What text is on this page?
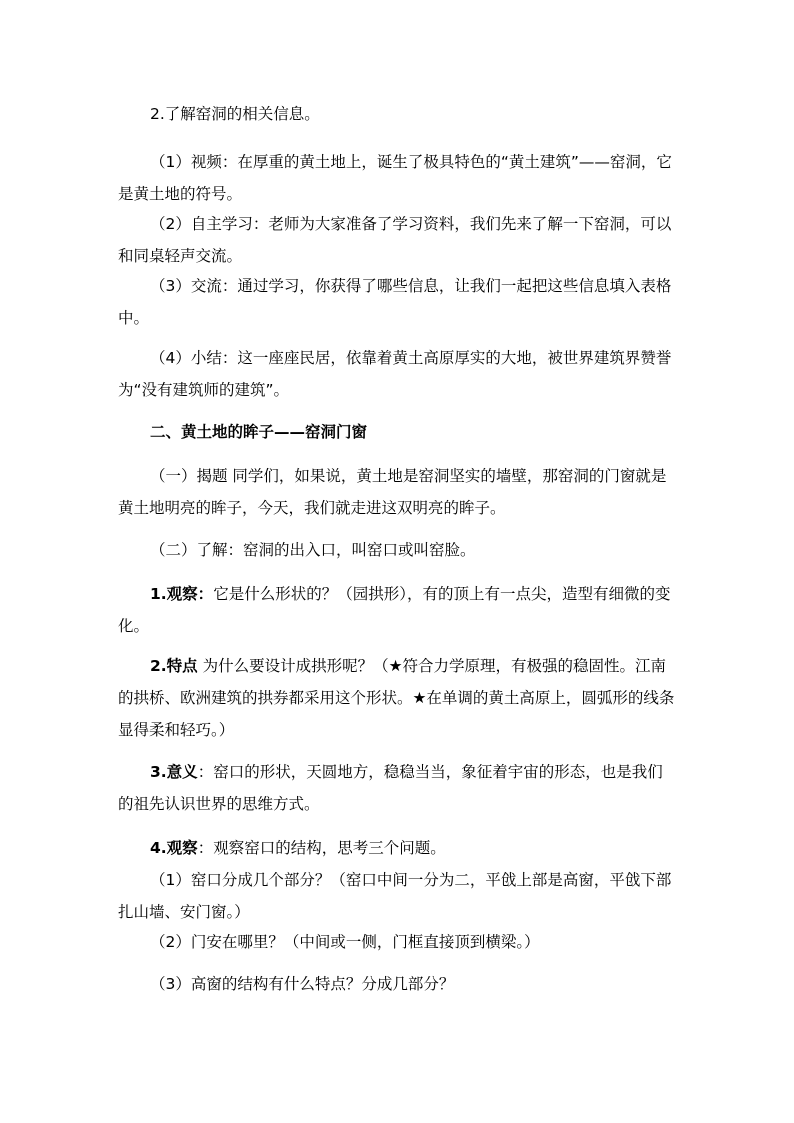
2.了解窑洞的相关信息。
（1）视频：在厚重的黄土地上，诞生了极具特色的“黄土建筑”——窑洞，它是黄土地的符号。
（2）自主学习：老师为大家准备了学习资料，我们先来了解一下窑洞，可以和同桌轻声交流。
（3）交流：通过学习，你获得了哪些信息，让我们一起把这些信息填入表格中。
（4）小结：这一座座民居，依靠着黄土高原厚实的大地，被世界建筑界赞誉为“没有建筑师的建筑”。
二、黄土地的眸子——窑洞门窗
（一）揭题 同学们，如果说，黄土地是窑洞坚实的墙壁，那窑洞的门窗就是黄土地明亮的眸子，今天，我们就走进这双明亮的眸子。
（二）了解：窑洞的出入口，叫窑口或叫窑脸。
1.观察：它是什么形状的？（园拱形），有的顶上有一点尖，造型有细微的变化。
2.特点 为什么要设计成拱形呢？（★符合力学原理，有极强的稳固性。江南的拱桥、欧洲建筑的拱券都采用这个形状。★在单调的黄土高原上，圆弧形的线条显得柔和轻巧。）
3.意义：窑口的形状，天圆地方，稳稳当当，象征着宇宙的形态，也是我们的祖先认识世界的思维方式。
4.观察：观察窑口的结构，思考三个问题。
（1）窑口分成几个部分？（窑口中间一分为二，平戗上部是高窗，平戗下部扎山墙、安门窗。）
（2）门安在哪里？（中间或一侧，门框直接顶到横梁。）
（3）高窗的结构有什么特点？分成几部分？
